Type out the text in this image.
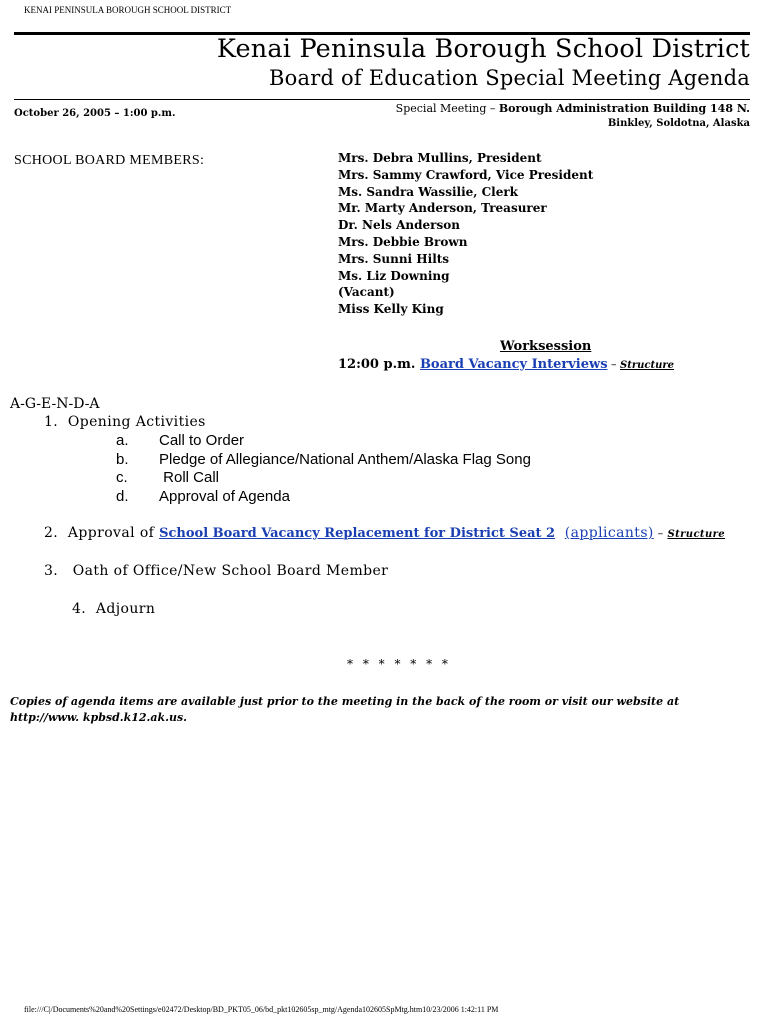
KENAI PENINSULA BOROUGH SCHOOL DISTRICT
Kenai Peninsula Borough School District
Board of Education Special Meeting Agenda
October 26, 2005 – 1:00 p.m.	Special Meeting – Borough Administration Building 148 N.
Binkley, Soldotna, Alaska
SCHOOL BOARD MEMBERS:	Mrs. Debra Mullins, President
Mrs. Sammy Crawford, Vice President
Ms. Sandra Wassilie, Clerk
Mr. Marty Anderson, Treasurer
Dr. Nels Anderson
Mrs. Debbie Brown
Mrs. Sunni Hilts
Ms. Liz Downing
(Vacant)
Miss Kelly King
Worksession
12:00 p.m. Board Vacancy Interviews – Structure
A-G-E-N-D-A
1. Opening Activities
a. Call to Order
b. Pledge of Allegiance/National Anthem/Alaska Flag Song
c. Roll Call
d. Approval of Agenda
2. Approval of School Board Vacancy Replacement for District Seat 2 (applicants) – Structure
3. Oath of Office/New School Board Member
4. Adjourn
* * * * * * *
Copies of agenda items are available just prior to the meeting in the back of the room or visit our website at http://www. kpbsd.k12.ak.us.
file:///C|/Documents%20and%20Settings/e02472/Desktop/BD_PKT05_06/bd_pkt102605sp_mtg/Agenda102605SpMtg.htm10/23/2006 1:42:11 PM
